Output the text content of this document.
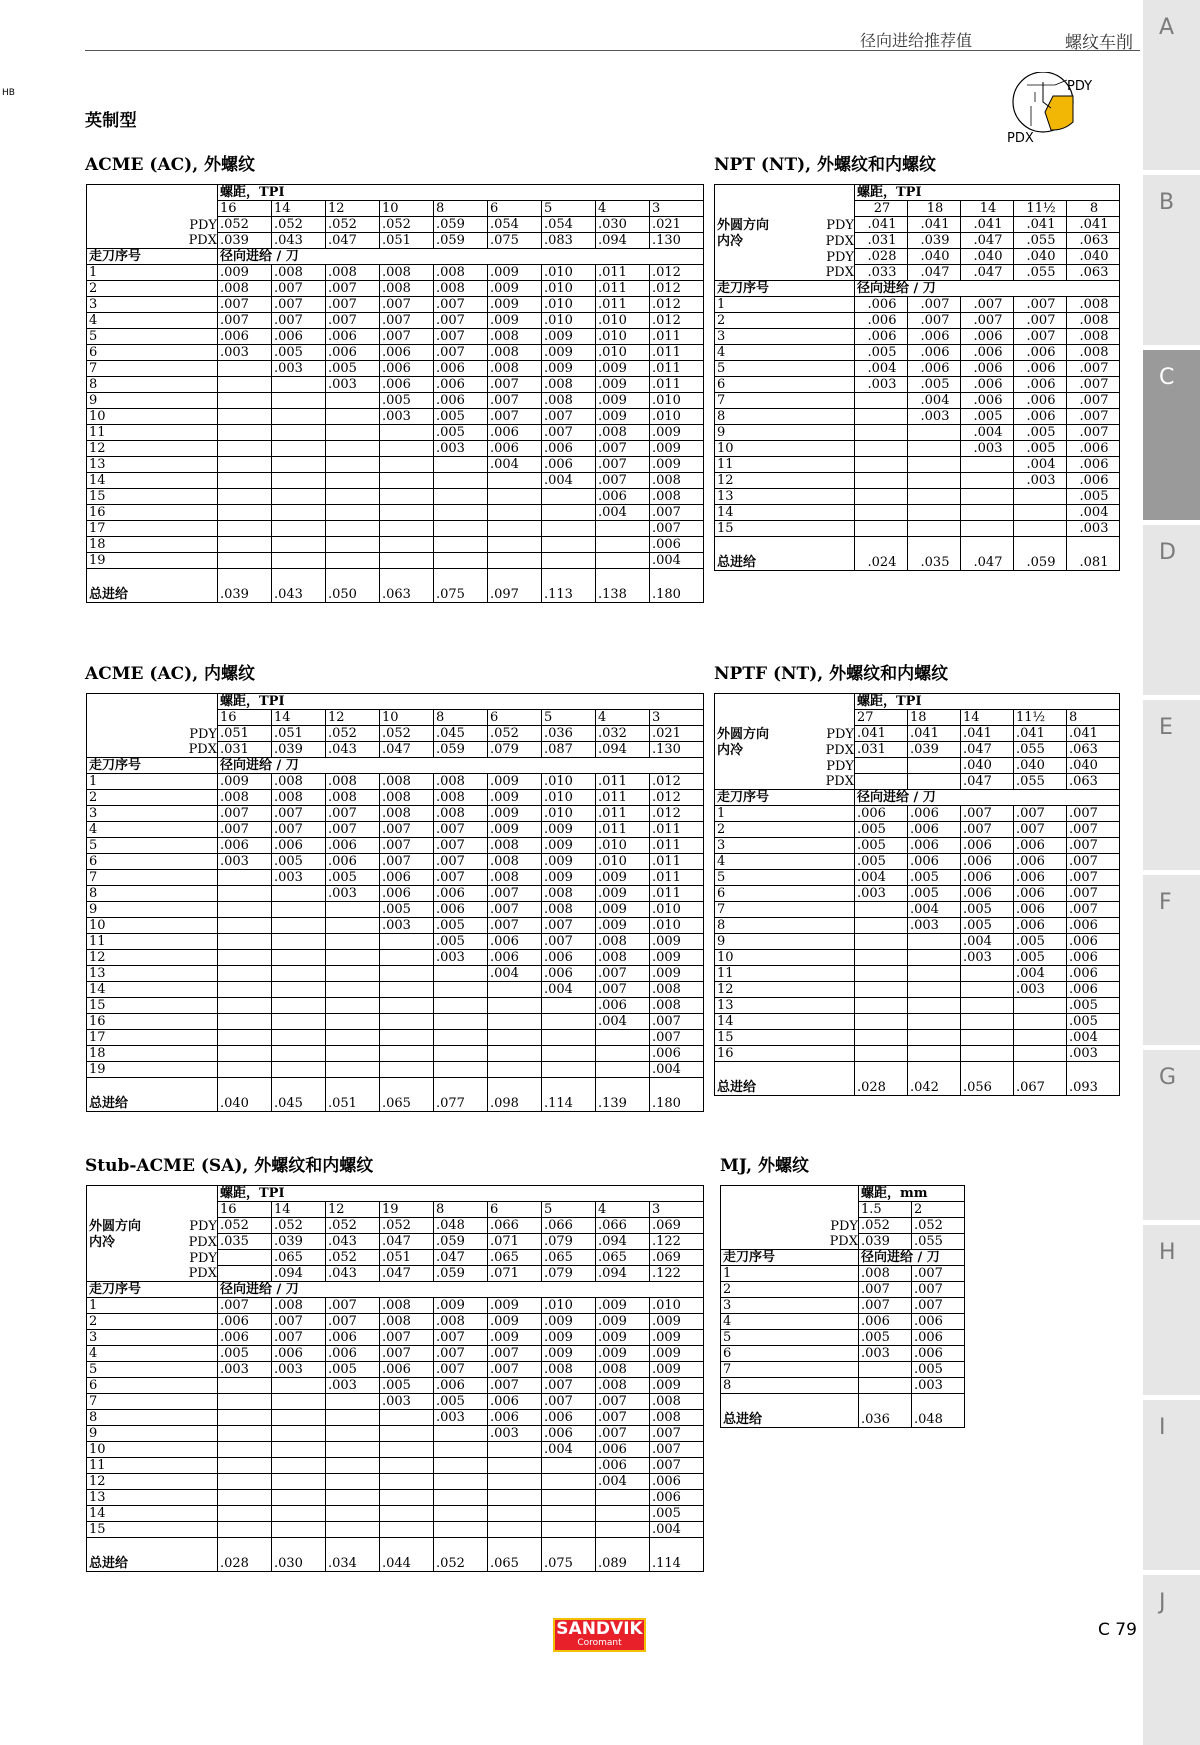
径向进给推荐值	螺纹车削
HB
A
B
C
D
E
F
G
H
I
J
英制型
PDY
PDX
ACME (AC), 外螺纹	NPT (NT), 外螺纹和内螺纹
ACME (AC), 内螺纹	NPTF (NT), 外螺纹和内螺纹
Stub-ACME (SA), 外螺纹和内螺纹	MJ, 外螺纹
		螺距，TPI								
		16	14	12	10	8	6	5	4	3
	PDY	.052	.052	.052	.052	.059	.054	.054	.030	.021
	PDX	.039	.043	.047	.051	.059	.075	.083	.094	.130
走刀序号		径向进给 / 刀								
1		.009	.008	.008	.008	.008	.009	.010	.011	.012
2		.008	.007	.007	.008	.008	.009	.010	.011	.012
3		.007	.007	.007	.007	.007	.009	.010	.011	.012
4		.007	.007	.007	.007	.007	.009	.010	.010	.012
5		.006	.006	.006	.007	.007	.008	.009	.010	.011
6		.003	.005	.006	.006	.007	.008	.009	.010	.011
7			.003	.005	.006	.006	.008	.009	.009	.011
8				.003	.006	.006	.007	.008	.009	.011
9					.005	.006	.007	.008	.009	.010
10					.003	.005	.007	.007	.009	.010
11						.005	.006	.007	.008	.009
12						.003	.006	.006	.007	.009
13							.004	.006	.007	.009
14								.004	.007	.008
15									.006	.008
16									.004	.007
17										.007
18										.006
19										.004
总进给		.039	.043	.050	.063	.075	.097	.113	.138	.180
		螺距，TPI				
		27	18	14	11½	8
外圆方向	PDY	.041	.041	.041	.041	.041
内冷	PDX	.031	.039	.047	.055	.063
	PDY	.028	.040	.040	.040	.040
	PDX	.033	.047	.047	.055	.063
走刀序号		径向进给 / 刀				
1		.006	.007	.007	.007	.008
2		.006	.007	.007	.007	.008
3		.006	.006	.006	.007	.008
4		.005	.006	.006	.006	.008
5		.004	.006	.006	.006	.007
6		.003	.005	.006	.006	.007
7			.004	.006	.006	.007
8			.003	.005	.006	.007
9				.004	.005	.007
10				.003	.005	.006
11					.004	.006
12					.003	.006
13						.005
14						.004
15						.003
总进给		.024	.035	.047	.059	.081
		螺距，TPI								
		16	14	12	10	8	6	5	4	3
	PDY	.051	.051	.052	.052	.045	.052	.036	.032	.021
	PDX	.031	.039	.043	.047	.059	.079	.087	.094	.130
走刀序号		径向进给 / 刀								
1		.009	.008	.008	.008	.008	.009	.010	.011	.012
2		.008	.008	.008	.008	.008	.009	.010	.011	.012
3		.007	.007	.007	.008	.008	.009	.010	.011	.012
4		.007	.007	.007	.007	.007	.009	.009	.011	.011
5		.006	.006	.006	.007	.007	.008	.009	.010	.011
6		.003	.005	.006	.007	.007	.008	.009	.010	.011
7			.003	.005	.006	.007	.008	.009	.009	.011
8				.003	.006	.006	.007	.008	.009	.011
9					.005	.006	.007	.008	.009	.010
10					.003	.005	.007	.007	.009	.010
11						.005	.006	.007	.008	.009
12						.003	.006	.006	.008	.009
13							.004	.006	.007	.009
14								.004	.007	.008
15									.006	.008
16									.004	.007
17										.007
18										.006
19										.004
总进给		.040	.045	.051	.065	.077	.098	.114	.139	.180
		螺距，TPI				
		27	18	14	11½	8
外圆方向	PDY	.041	.041	.041	.041	.041
内冷	PDX	.031	.039	.047	.055	.063
	PDY			.040	.040	.040
	PDX			.047	.055	.063
走刀序号		径向进给 / 刀				
1		.006	.006	.007	.007	.007
2		.005	.006	.007	.007	.007
3		.005	.006	.006	.006	.007
4		.005	.006	.006	.006	.007
5		.004	.005	.006	.006	.007
6		.003	.005	.006	.006	.007
7			.004	.005	.006	.007
8			.003	.005	.006	.006
9				.004	.005	.006
10				.003	.005	.006
11					.004	.006
12					.003	.006
13						.005
14						.005
15						.004
16						.003
总进给		.028	.042	.056	.067	.093
		螺距，TPI								
		16	14	12	19	8	6	5	4	3
外圆方向	PDY	.052	.052	.052	.052	.048	.066	.066	.066	.069
内冷	PDX	.035	.039	.043	.047	.059	.071	.079	.094	.122
	PDY		.065	.052	.051	.047	.065	.065	.065	.069
	PDX		.094	.043	.047	.059	.071	.079	.094	.122
走刀序号		径向进给 / 刀								
1		.007	.008	.007	.008	.009	.009	.010	.009	.010
2		.006	.007	.007	.008	.008	.009	.009	.009	.009
3		.006	.007	.006	.007	.007	.009	.009	.009	.009
4		.005	.006	.006	.007	.007	.007	.009	.009	.009
5		.003	.003	.005	.006	.007	.007	.008	.008	.009
6				.003	.005	.006	.007	.007	.008	.009
7					.003	.005	.006	.007	.007	.008
8						.003	.006	.006	.007	.008
9							.003	.006	.007	.007
10								.004	.006	.007
11									.006	.007
12									.004	.006
13										.006
14										.005
15										.004
总进给		.028	.030	.034	.044	.052	.065	.075	.089	.114
		螺距，mm	
		1.5	2
	PDY	.052	.052
	PDX	.039	.055
走刀序号		径向进给 / 刀	
1		.008	.007
2		.007	.007
3		.007	.007
4		.006	.006
5		.005	.006
6		.003	.006
7			.005
8			.003
总进给		.036	.048
SANDVIK
Coromant
C 79
